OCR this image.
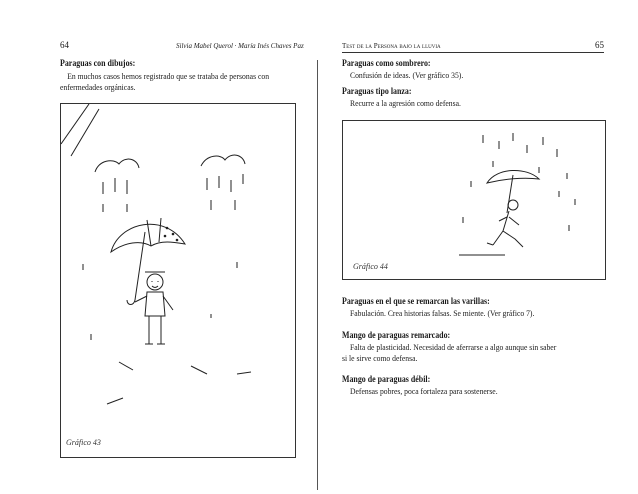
64	Silvia Mabel Querol · María Inés Chaves Paz
Paraguas con dibujos:
En muchos casos hemos registrado que se trataba de personas con
enfermedades orgánicas.
Gráfico 43
Test de la Persona bajo la lluvia	65
Paraguas como sombrero:
Confusión de ideas. (Ver gráfico 35).
Paraguas tipo lanza:
Recurre a la agresión como defensa.
Gráfico 44
Paraguas en el que se remarcan las varillas:
Fabulación. Crea historias falsas. Se miente. (Ver gráfico 7).
Mango de paraguas remarcado:
Falta de plasticidad. Necesidad de aferrarse a algo aunque sin saber
si le sirve como defensa.
Mango de paraguas débil:
Defensas pobres, poca fortaleza para sostenerse.
